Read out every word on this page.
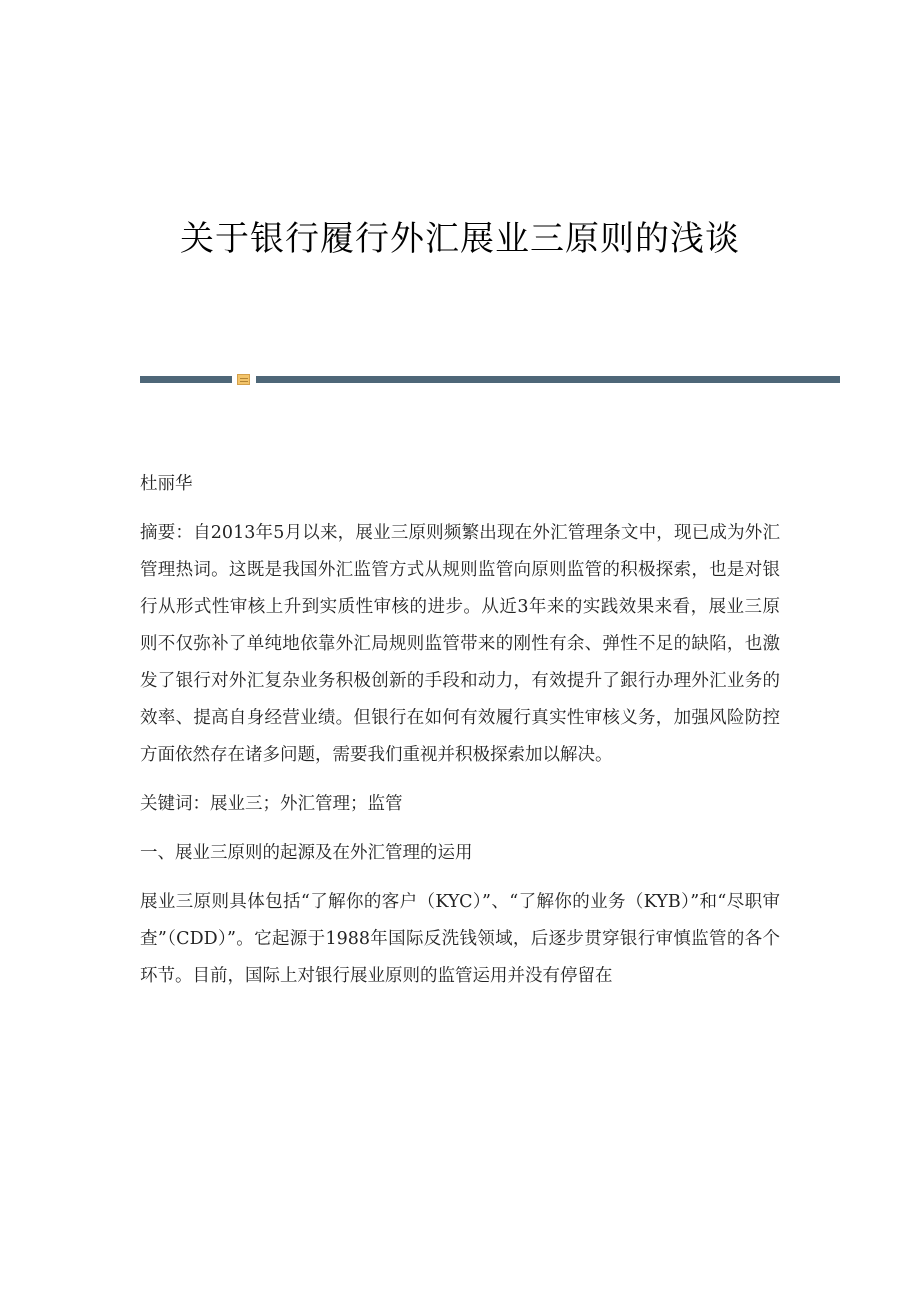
关于银行履行外汇展业三原则的浅谈

杜丽华

摘要：自2013年5月以来，展业三原则频繁出现在外汇管理条文中，现已成为外汇管理热词。这既是我国外汇监管方式从规则监管向原则监管的积极探索，也是对银行从形式性审核上升到实质性审核的进步。从近3年来的实践效果来看，展业三原则不仅弥补了单纯地依靠外汇局规则监管带来的刚性有余、弹性不足的缺陷，也激发了银行对外汇复杂业务积极创新的手段和动力，有效提升了銀行办理外汇业务的效率、提高自身经营业绩。但银行在如何有效履行真实性审核义务，加强风险防控方面依然存在诸多问题，需要我们重视并积极探索加以解决。

关键词：展业三；外汇管理；监管

一、展业三原则的起源及在外汇管理的运用

展业三原则具体包括“了解你的客户（KYC）”、“了解你的业务（KYB）”和“尽职审查”（CDD）”。它起源于1988年国际反洗钱领域，后逐步贯穿银行审慎监管的各个环节。目前，国际上对银行展业原则的监管运用并没有停留在
